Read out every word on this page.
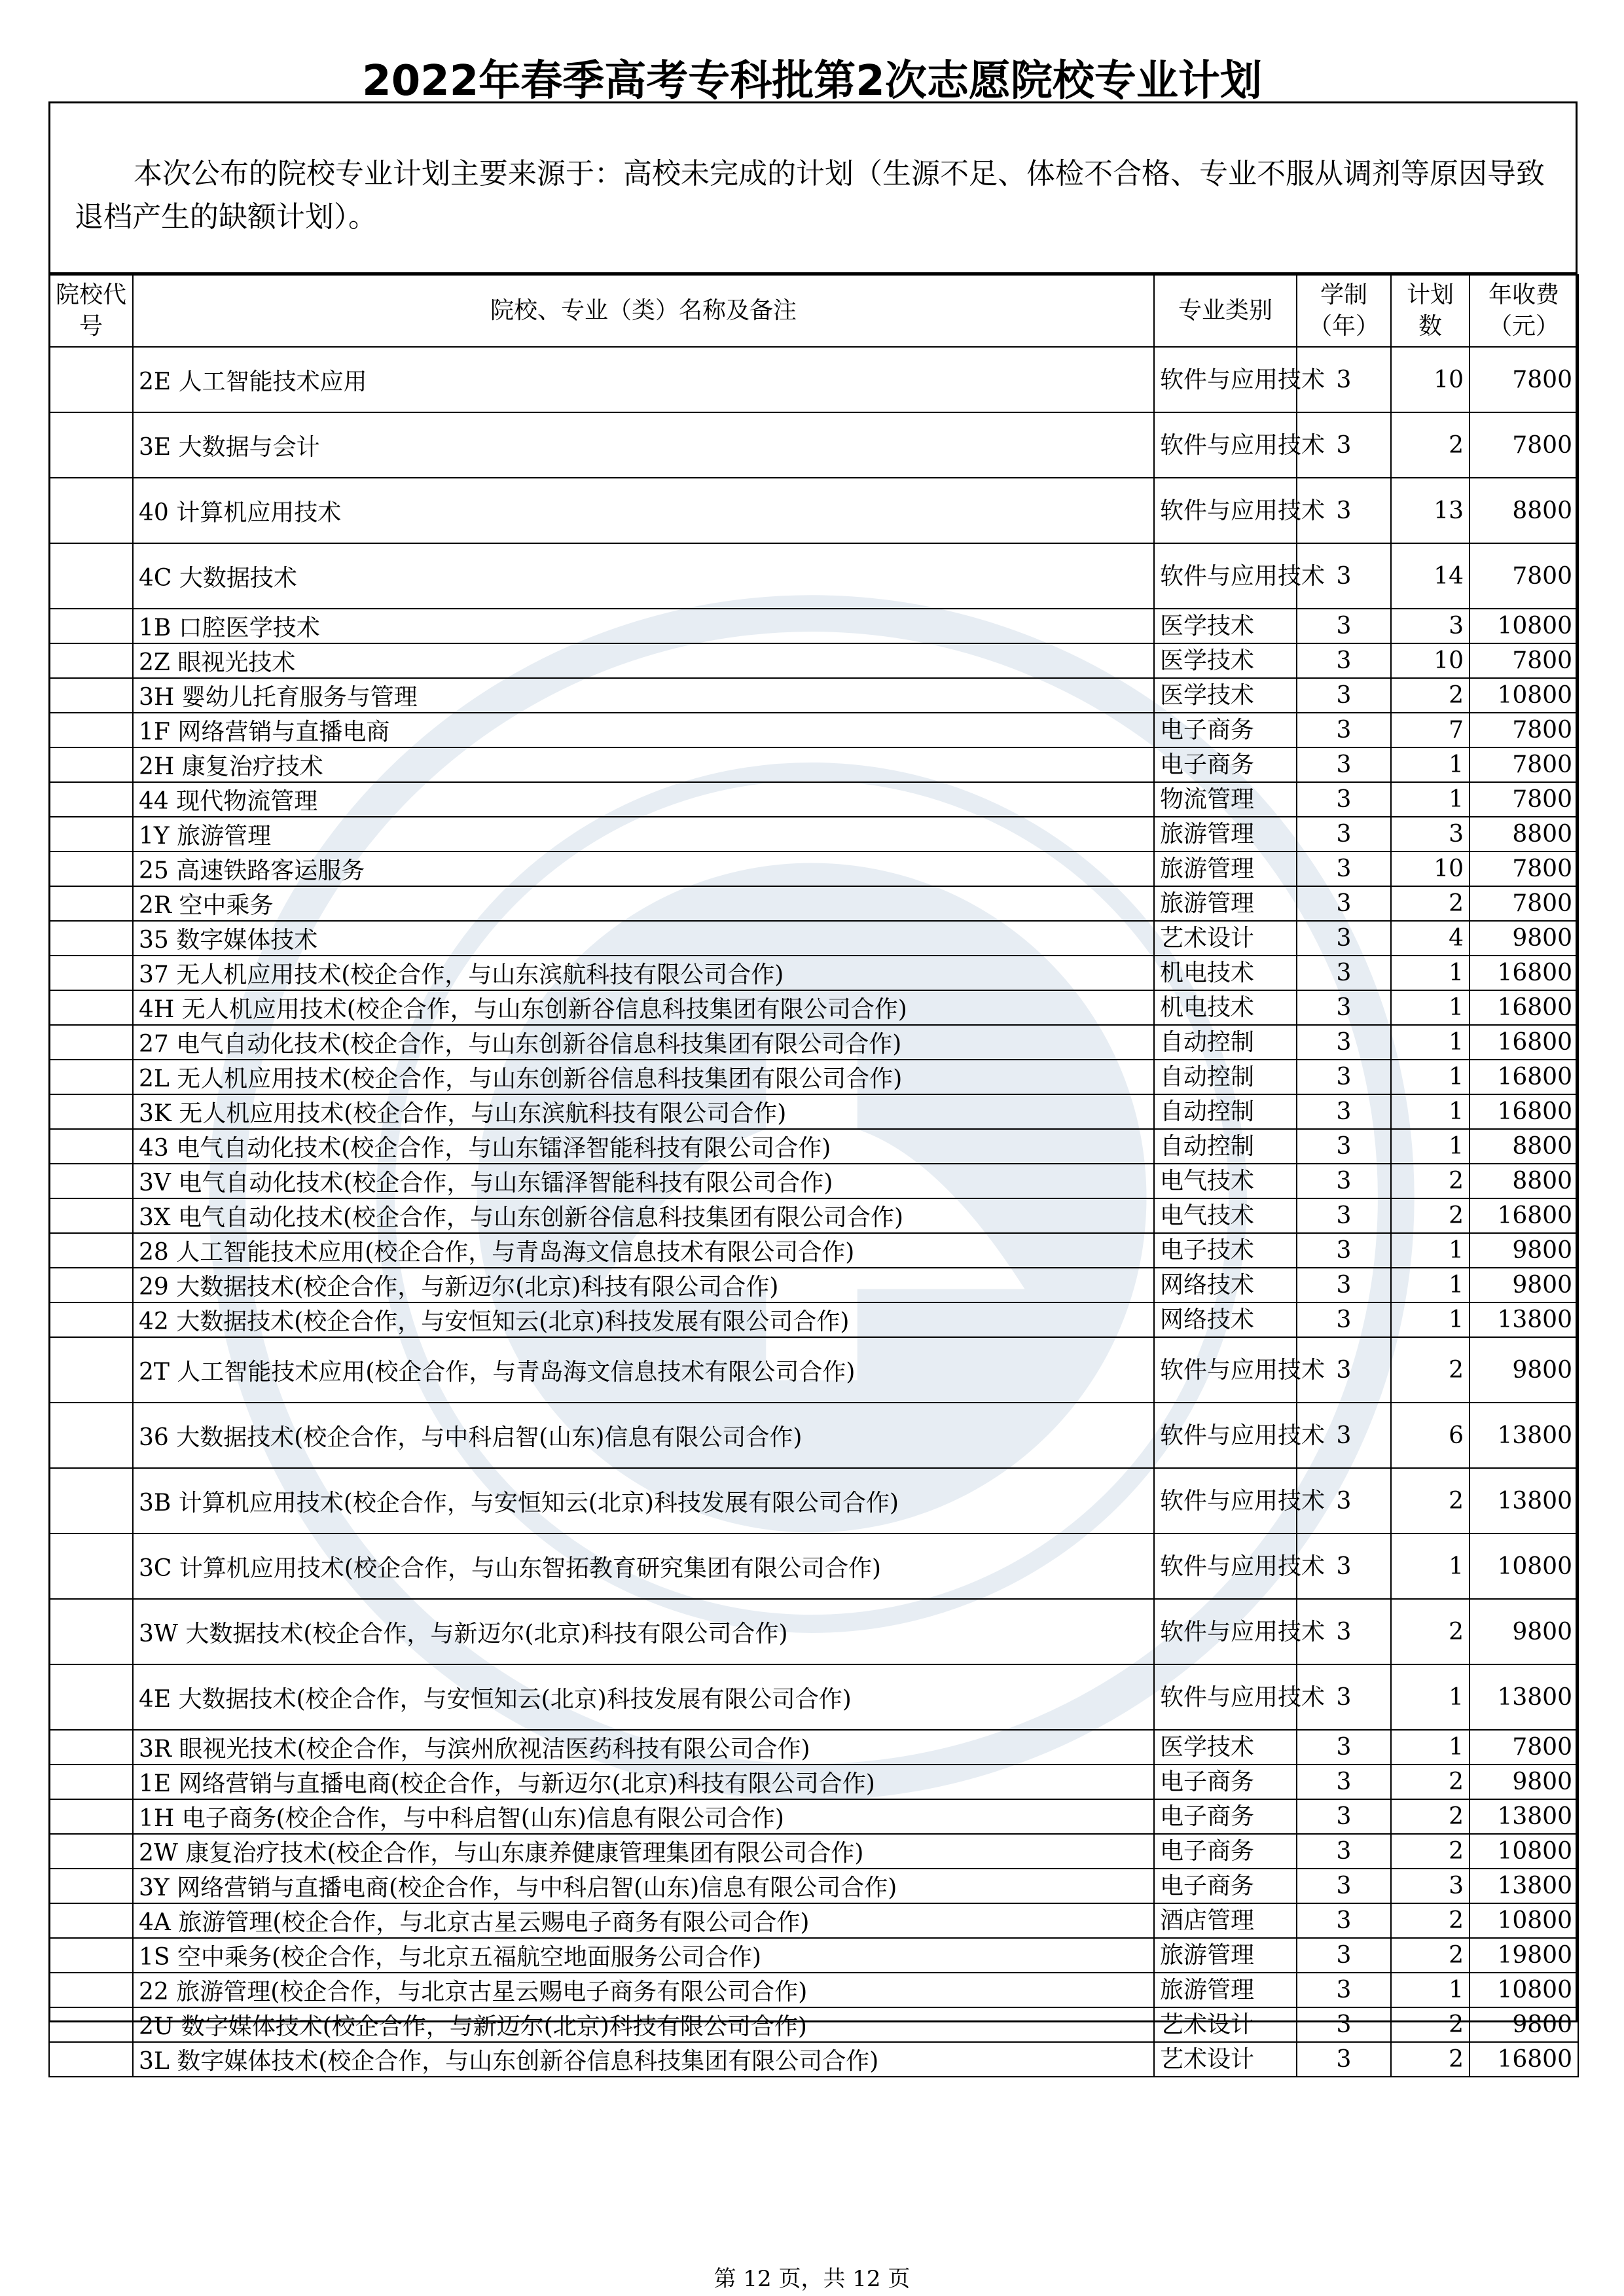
2022年春季高考专科批第2次志愿院校专业计划
本次公布的院校专业计划主要来源于：高校未完成的计划（生源不足、体检不合格、专业不服从调剂等原因导致退档产生的缺额计划）。
院校代号	院校、专业（类）名称及备注	专业类别	学制（年）	计划数	年收费（元）
	2E 人工智能技术应用	软件与应用技术	3	10	7800
	3E 大数据与会计	软件与应用技术	3	2	7800
	40 计算机应用技术	软件与应用技术	3	13	8800
	4C 大数据技术	软件与应用技术	3	14	7800
	1B 口腔医学技术	医学技术	3	3	10800
	2Z 眼视光技术	医学技术	3	10	7800
	3H 婴幼儿托育服务与管理	医学技术	3	2	10800
	1F 网络营销与直播电商	电子商务	3	7	7800
	2H 康复治疗技术	电子商务	3	1	7800
	44 现代物流管理	物流管理	3	1	7800
	1Y 旅游管理	旅游管理	3	3	8800
	25 高速铁路客运服务	旅游管理	3	10	7800
	2R 空中乘务	旅游管理	3	2	7800
	35 数字媒体技术	艺术设计	3	4	9800
	37 无人机应用技术(校企合作，与山东滨航科技有限公司合作)	机电技术	3	1	16800
	4H 无人机应用技术(校企合作，与山东创新谷信息科技集团有限公司合作)	机电技术	3	1	16800
	27 电气自动化技术(校企合作，与山东创新谷信息科技集团有限公司合作)	自动控制	3	1	16800
	2L 无人机应用技术(校企合作，与山东创新谷信息科技集团有限公司合作)	自动控制	3	1	16800
	3K 无人机应用技术(校企合作，与山东滨航科技有限公司合作)	自动控制	3	1	16800
	43 电气自动化技术(校企合作，与山东镭泽智能科技有限公司合作)	自动控制	3	1	8800
	3V 电气自动化技术(校企合作，与山东镭泽智能科技有限公司合作)	电气技术	3	2	8800
	3X 电气自动化技术(校企合作，与山东创新谷信息科技集团有限公司合作)	电气技术	3	2	16800
	28 人工智能技术应用(校企合作，与青岛海文信息技术有限公司合作)	电子技术	3	1	9800
	29 大数据技术(校企合作，与新迈尔(北京)科技有限公司合作)	网络技术	3	1	9800
	42 大数据技术(校企合作，与安恒知云(北京)科技发展有限公司合作)	网络技术	3	1	13800
	2T 人工智能技术应用(校企合作，与青岛海文信息技术有限公司合作)	软件与应用技术	3	2	9800
	36 大数据技术(校企合作，与中科启智(山东)信息有限公司合作)	软件与应用技术	3	6	13800
	3B 计算机应用技术(校企合作，与安恒知云(北京)科技发展有限公司合作)	软件与应用技术	3	2	13800
	3C 计算机应用技术(校企合作，与山东智拓教育研究集团有限公司合作)	软件与应用技术	3	1	10800
	3W 大数据技术(校企合作，与新迈尔(北京)科技有限公司合作)	软件与应用技术	3	2	9800
	4E 大数据技术(校企合作，与安恒知云(北京)科技发展有限公司合作)	软件与应用技术	3	1	13800
	3R 眼视光技术(校企合作，与滨州欣视洁医药科技有限公司合作)	医学技术	3	1	7800
	1E 网络营销与直播电商(校企合作，与新迈尔(北京)科技有限公司合作)	电子商务	3	2	9800
	1H 电子商务(校企合作，与中科启智(山东)信息有限公司合作)	电子商务	3	2	13800
	2W 康复治疗技术(校企合作，与山东康养健康管理集团有限公司合作)	电子商务	3	2	10800
	3Y 网络营销与直播电商(校企合作，与中科启智(山东)信息有限公司合作)	电子商务	3	3	13800
	4A 旅游管理(校企合作，与北京古星云赐电子商务有限公司合作)	酒店管理	3	2	10800
	1S 空中乘务(校企合作，与北京五福航空地面服务公司合作)	旅游管理	3	2	19800
	22 旅游管理(校企合作，与北京古星云赐电子商务有限公司合作)	旅游管理	3	1	10800
	2U 数字媒体技术(校企合作，与新迈尔(北京)科技有限公司合作)	艺术设计	3	2	9800
	3L 数字媒体技术(校企合作，与山东创新谷信息科技集团有限公司合作)	艺术设计	3	2	16800
第 12 页，共 12 页
